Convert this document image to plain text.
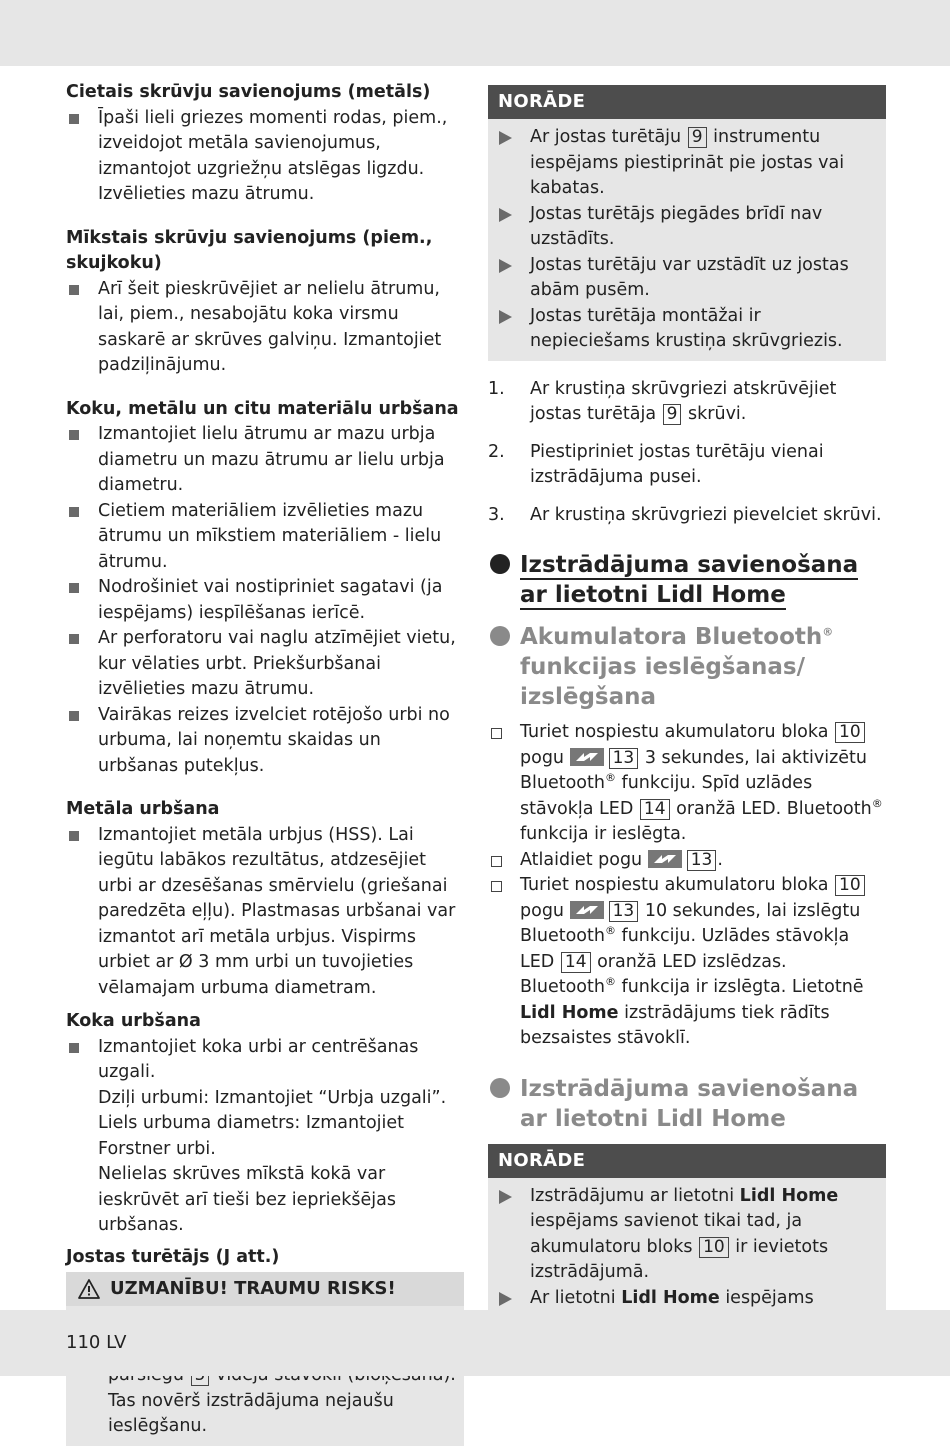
Cietais skrūvju savienojums (metāls)
Īpaši lieli griezes momenti rodas, piem., izveidojot metāla savienojumus, izmantojot uzgriežņu atslēgas ligzdu. Izvēlieties mazu ātrumu.
Mīkstais skrūvju savienojums (piem., skujkoku)
Arī šeit pieskrūvējiet ar nelielu ātrumu, lai, piem., nesabojātu koka virsmu saskarē ar skrūves galviņu. Izmantojiet padziļinājumu.
Koku, metālu un citu materiālu urbšana
Izmantojiet lielu ātrumu ar mazu urbja diametru un mazu ātrumu ar lielu urbja diametru.
Cietiem materiāliem izvēlieties mazu ātrumu un mīkstiem materiāliem - lielu ātrumu.
Nodrošiniet vai nostipriniet sagatavi (ja iespējams) iespīlēšanas ierīcē.
Ar perforatoru vai naglu atzīmējiet vietu, kur vēlaties urbt. Priekšurbšanai izvēlieties mazu ātrumu.
Vairākas reizes izvelciet rotējošo urbi no urbuma, lai noņemtu skaidas un urbšanas putekļus.
Metāla urbšana
Izmantojiet metāla urbjus (HSS). Lai iegūtu labākos rezultātus, atdzesējiet urbi ar dzesēšanas smērvielu (griešanai paredzēta eļļu). Plastmasas urbšanai var izmantot arī metāla urbjus. Vispirms urbiet ar Ø 3 mm urbi un tuvojieties vēlamajam urbuma diametram.
Koka urbšana
Izmantojiet koka urbi ar centrēšanas uzgali.
Dziļi urbumi: Izmantojiet “Urbja uzgali”.
Liels urbuma diametrs: Izmantojiet Forstner urbi.
Nelielas skrūves mīkstā kokā var ieskrūvēt arī tieši bez iepriekšējas urbšanas.
Jostas turētājs (J att.)
UZMANĪBU! TRAUMU RISKS!
Tas novērš izstrādājuma nejaušu ieslēgšanu.
NORĀDE
Ar jostas turētāju 9 instrumentu iespējams piestiprināt pie jostas vai kabatas.
Jostas turētājs piegādes brīdī nav uzstādīts.
Jostas turētāju var uzstādīt uz jostas abām pusēm.
Jostas turētāja montāžai ir nepieciešams krustiņa skrūvgriezis.
1. Ar krustiņa skrūvgriezi atskrūvējiet jostas turētāja 9 skrūvi.
2. Piestipriniet jostas turētāju vienai izstrādājuma pusei.
3. Ar krustiņa skrūvgriezi pievelciet skrūvi.
Izstrādājuma savienošana ar lietotni Lidl Home
Akumulatora Bluetooth® funkcijas ieslēgšanas/ izslēgšana
Turiet nospiestu akumulatoru bloka 10 pogu	13 3 sekundes, lai aktivizētu Bluetooth® funkciju. Spīd uzlādes stāvokļa LED 14 oranžā LED. Bluetooth® funkcija ir ieslēgta.
Atlaidiet pogu	13 .
Turiet nospiestu akumulatoru bloka 10 pogu	13 10 sekundes, lai izslēgtu Bluetooth® funkciju. Uzlādes stāvokļa LED 14 oranžā LED izslēdzas. Bluetooth® funkcija ir izslēgta. Lietotnē Lidl Home izstrādājums tiek rādīts bezsaistes stāvoklī.
Izstrādājuma savienošana ar lietotni Lidl Home
NORĀDE
Izstrādājumu ar lietotni Lidl Home iespējams savienot tikai tad, ja akumulatoru bloks 10 ir ievietots izstrādājumā.
Ar lietotni Lidl Home iespējams
110 LV
